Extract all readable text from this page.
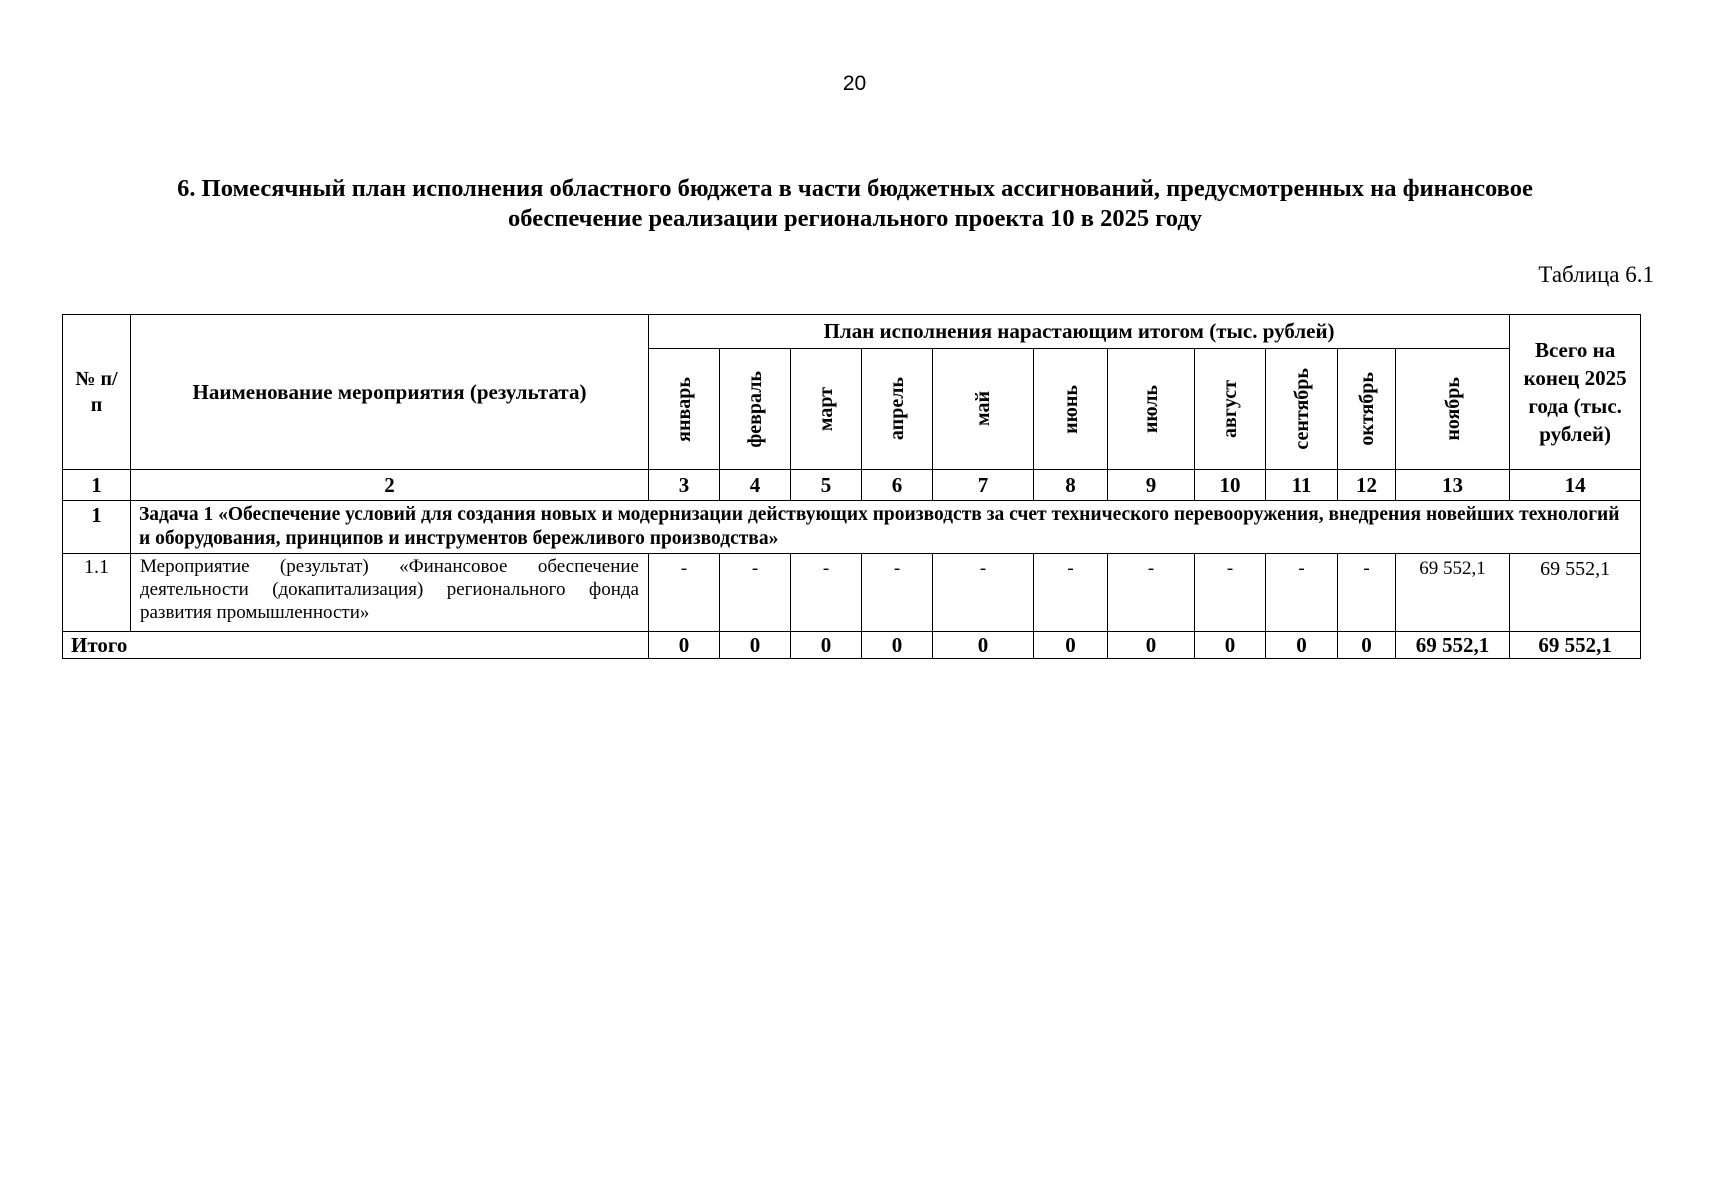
20
6. Помесячный план исполнения областного бюджета в части бюджетных ассигнований, предусмотренных на финансовое
обеспечение реализации регионального проекта 10 в 2025 году
Таблица 6.1
№ п/п	Наименование мероприятия (результата)	План исполнения нарастающим итогом (тыс. рублей)											Всего на конец 2025 года (тыс. рублей)

		январь	февраль	март	апрель	май	июнь	июль	август	сентябрь	октябрь	ноябрь	

1	2	3	4	5	6	7	8	9	10	11	12	13	14
1	Задача 1 «Обеспечение условий для создания новых и модернизации действующих производств за счет технического перевооружения, внедрения новейших технологий и оборудования, принципов и инструментов бережливого производства»												
1.1	Мероприятие (результат) «Финансовое обеспечение деятельности (докапитализация) регионального фонда развития промышленности»	-	-	-	-	-	-	-	-	-	-	69 552,1	69 552,1
Итого		0	0	0	0	0	0	0	0	0	0	69 552,1	69 552,1
